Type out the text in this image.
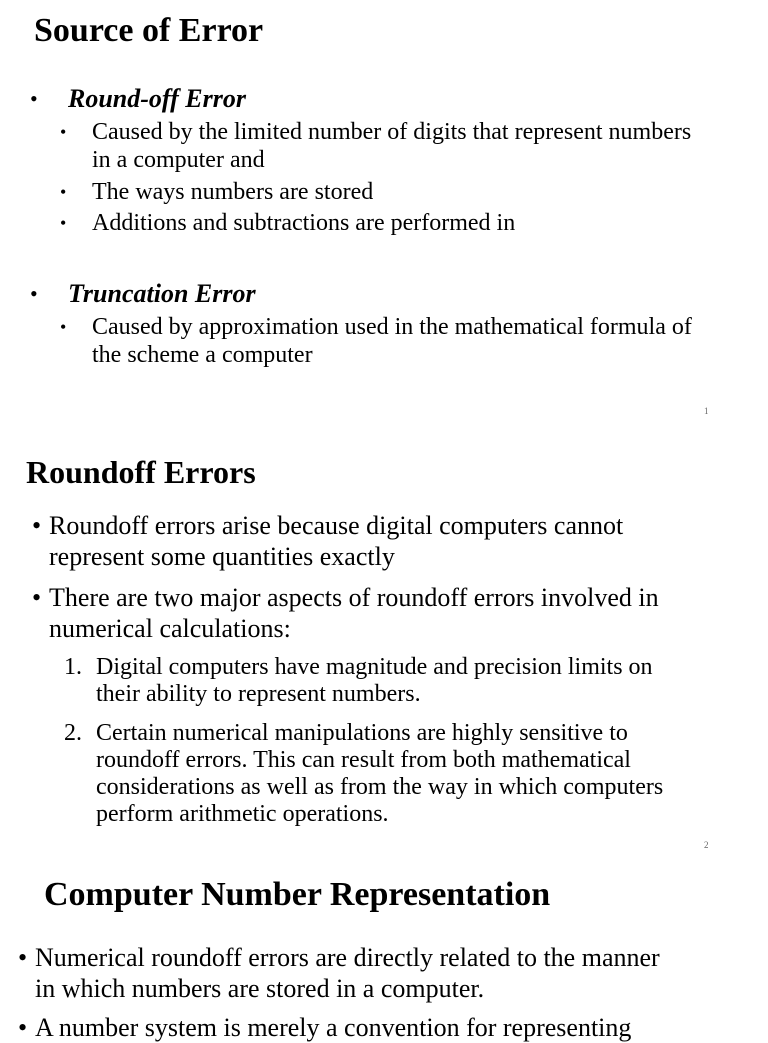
Source of Error
• Round-off Error
• Caused by the limited number of digits that represent numbers
in a computer and
• The ways numbers are stored
• Additions and subtractions are performed in
• Truncation Error
• Caused by approximation used in the mathematical formula of
the scheme a computer
1
Roundoff Errors
• Roundoff errors arise because digital computers cannot
represent some quantities exactly
• There are two major aspects of roundoff errors involved in
numerical calculations:
1. Digital computers have magnitude and precision limits on
their ability to represent numbers.
2. Certain numerical manipulations are highly sensitive to
roundoff errors. This can result from both mathematical
considerations as well as from the way in which computers
perform arithmetic operations.
2
Computer Number Representation
• Numerical roundoff errors are directly related to the manner
in which numbers are stored in a computer.
• A number system is merely a convention for representing
